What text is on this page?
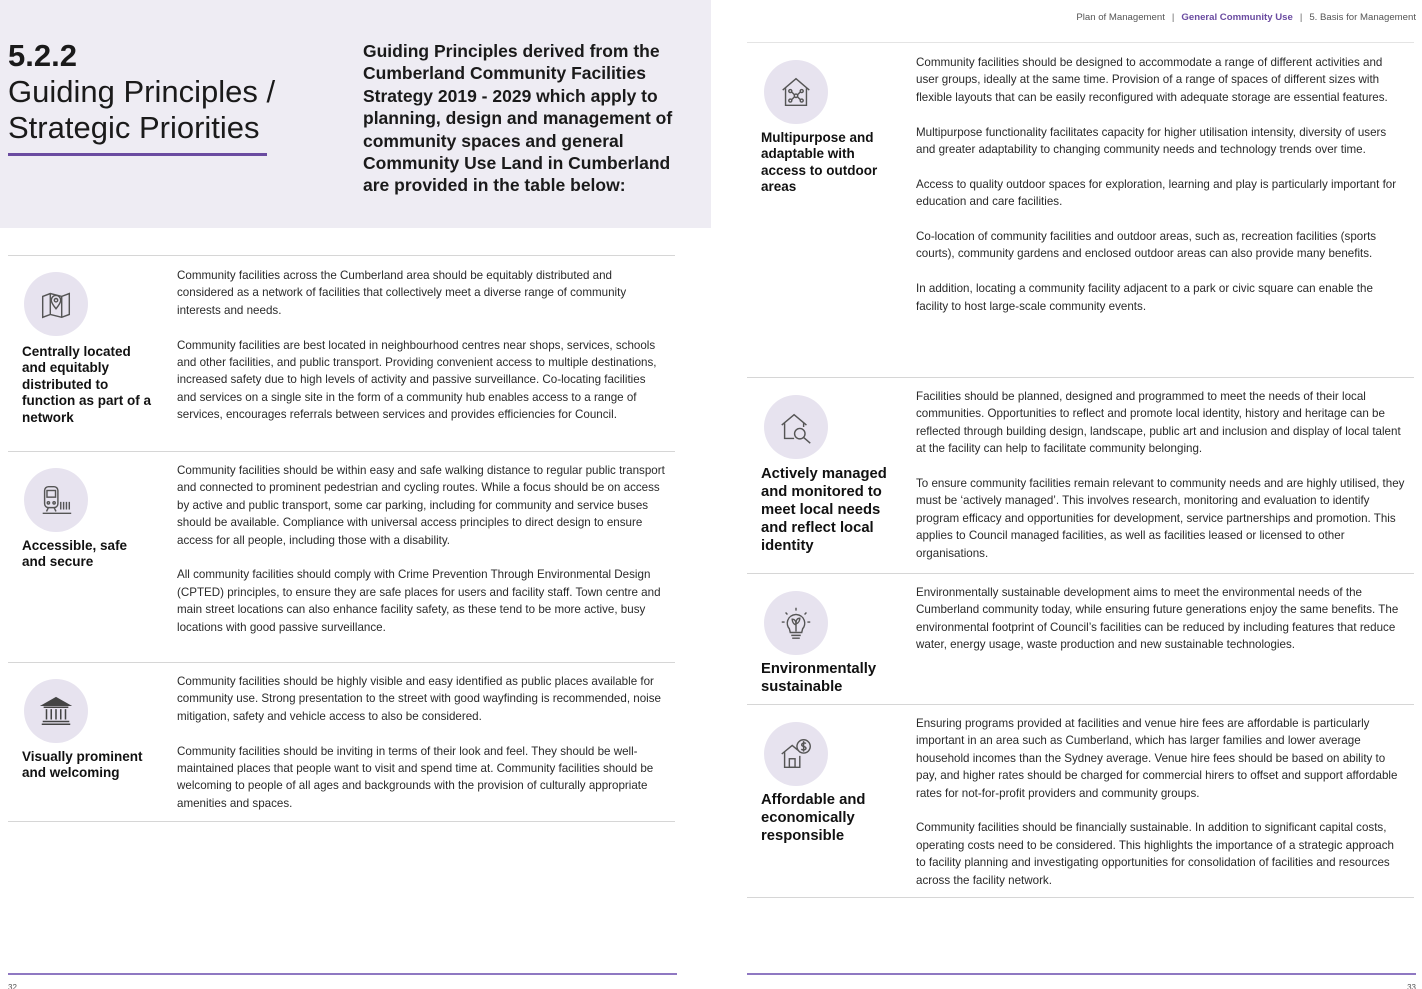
5.2.2
Guiding Principles / Strategic Priorities
Guiding Principles derived from the Cumberland Community Facilities Strategy 2019 - 2029 which apply to planning, design and management of community spaces and general Community Use Land in Cumberland are provided in the table below:
Centrally located and equitably distributed to function as part of a network

Community facilities across the Cumberland area should be equitably distributed and considered as a network of facilities that collectively meet a diverse range of community interests and needs.

Community facilities are best located in neighbourhood centres near shops, services, schools and other facilities, and public transport. Providing convenient access to multiple destinations, increased safety due to high levels of activity and passive surveillance. Co-locating facilities and services on a single site in the form of a community hub enables access to a range of services, encourages referrals between services and provides efficiencies for Council.

Accessible, safe and secure

Community facilities should be within easy and safe walking distance to regular public transport and connected to prominent pedestrian and cycling routes. While a focus should be on access by active and public transport, some car parking, including for community and service buses should be available. Compliance with universal access principles to direct design to ensure access for all people, including those with a disability.

All community facilities should comply with Crime Prevention Through Environmental Design (CPTED) principles, to ensure they are safe places for users and facility staff. Town centre and main street locations can also enhance facility safety, as these tend to be more active, busy locations with good passive surveillance.

Visually prominent and welcoming

Community facilities should be highly visible and easy identified as public places available for community use. Strong presentation to the street with good wayfinding is recommended, noise mitigation, safety and vehicle access to also be considered.

Community facilities should be inviting in terms of their look and feel. They should be well-maintained places that people want to visit and spend time at. Community facilities should be welcoming to people of all ages and backgrounds with the provision of culturally appropriate amenities and spaces.

32
Plan of Management | General Community Use | 5. Basis for Management
Multipurpose and adaptable with access to outdoor areas

Community facilities should be designed to accommodate a range of different activities and user groups, ideally at the same time. Provision of a range of spaces of different sizes with flexible layouts that can be easily reconfigured with adequate storage are essential features.

Multipurpose functionality facilitates capacity for higher utilisation intensity, diversity of users and greater adaptability to changing community needs and technology trends over time.

Access to quality outdoor spaces for exploration, learning and play is particularly important for education and care facilities.

Co-location of community facilities and outdoor areas, such as, recreation facilities (sports courts), community gardens and enclosed outdoor areas can also provide many benefits.

In addition, locating a community facility adjacent to a park or civic square can enable the facility to host large-scale community events.

Actively managed and monitored to meet local needs and reflect local identity

Facilities should be planned, designed and programmed to meet the needs of their local communities. Opportunities to reflect and promote local identity, history and heritage can be reflected through building design, landscape, public art and inclusion and display of local talent at the facility can help to facilitate community belonging.

To ensure community facilities remain relevant to community needs and are highly utilised, they must be ‘actively managed’. This involves research, monitoring and evaluation to identify program efficacy and opportunities for development, service partnerships and promotion. This applies to Council managed facilities, as well as facilities leased or licensed to other organisations.

Environmentally sustainable

Environmentally sustainable development aims to meet the environmental needs of the Cumberland community today, while ensuring future generations enjoy the same benefits. The environmental footprint of Council’s facilities can be reduced by including features that reduce water, energy usage, waste production and new sustainable technologies.

Affordable and economically responsible

Ensuring programs provided at facilities and venue hire fees are affordable is particularly important in an area such as Cumberland, which has larger families and lower average household incomes than the Sydney average. Venue hire fees should be based on ability to pay, and higher rates should be charged for commercial hirers to offset and support affordable rates for not-for-profit providers and community groups.

Community facilities should be financially sustainable. In addition to significant capital costs, operating costs need to be considered. This highlights the importance of a strategic approach to facility planning and investigating opportunities for consolidation of facilities and resources across the facility network.

33
